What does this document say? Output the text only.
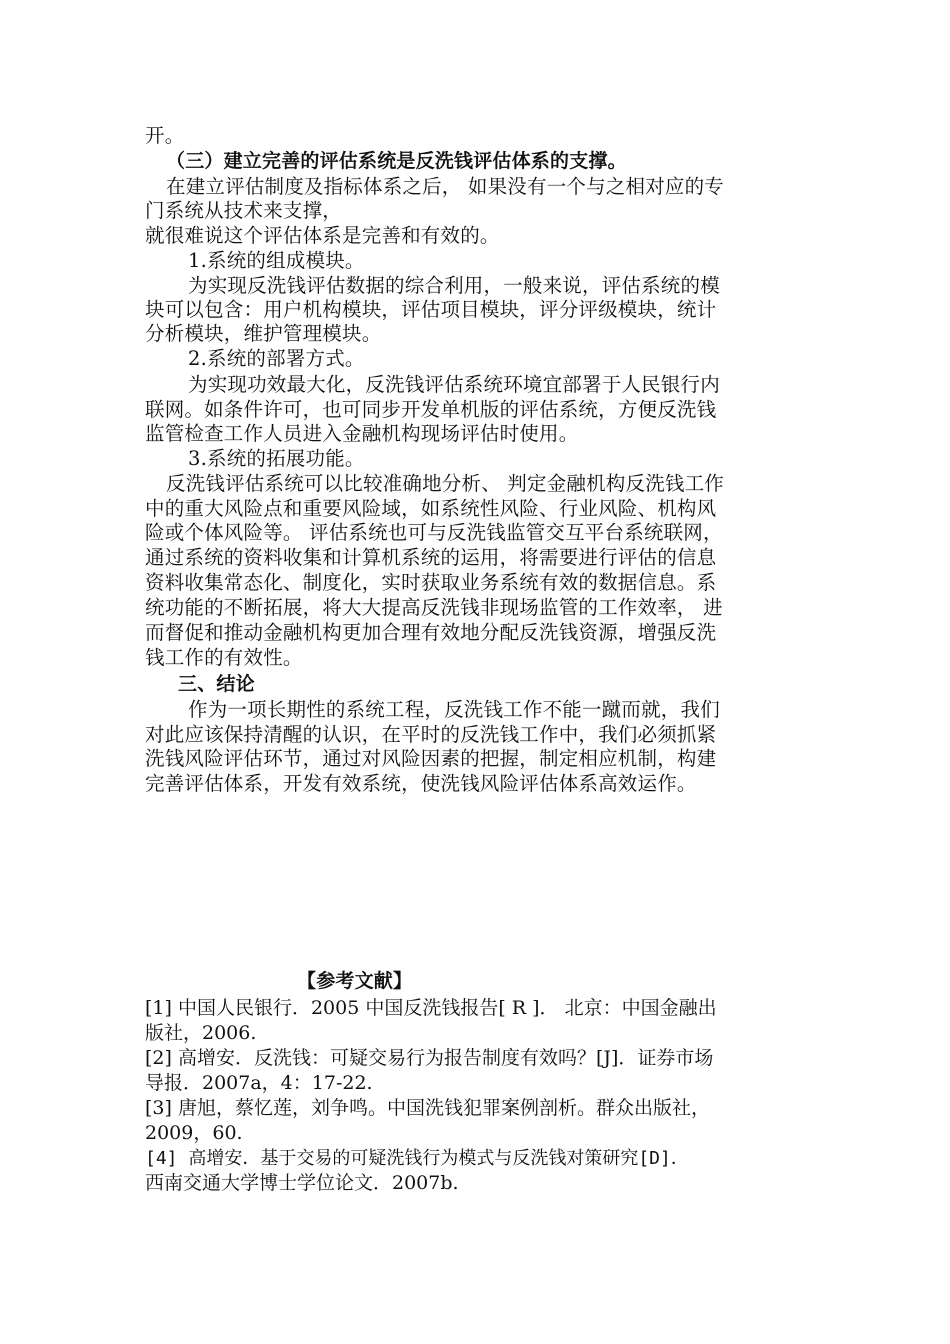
开。
（三）建立完善的评估系统是反洗钱评估体系的支撑。
在建立评估制度及指标体系之后， 如果没有一个与之相对应的专
门系统从技术来支撑，
就很难说这个评估体系是完善和有效的。
1.系统的组成模块。
为实现反洗钱评估数据的综合利用，一般来说，评估系统的模
块可以包含：用户机构模块，评估项目模块，评分评级模块，统计
分析模块，维护管理模块。
2.系统的部署方式。
为实现功效最大化，反洗钱评估系统环境宜部署于人民银行内
联网。如条件许可，也可同步开发单机版的评估系统，方便反洗钱
监管检查工作人员进入金融机构现场评估时使用。
3.系统的拓展功能。
反洗钱评估系统可以比较准确地分析、 判定金融机构反洗钱工作
中的重大风险点和重要风险域，如系统性风险、行业风险、机构风
险或个体风险等。 评估系统也可与反洗钱监管交互平台系统联网，
通过系统的资料收集和计算机系统的运用，将需要进行评估的信息
资料收集常态化、制度化，实时获取业务系统有效的数据信息。系
统功能的不断拓展，将大大提高反洗钱非现场监管的工作效率， 进
而督促和推动金融机构更加合理有效地分配反洗钱资源，增强反洗
钱工作的有效性。
三、结论
作为一项长期性的系统工程，反洗钱工作不能一蹴而就，我们
对此应该保持清醒的认识，在平时的反洗钱工作中，我们必须抓紧
洗钱风险评估环节，通过对风险因素的把握，制定相应机制，构建
完善评估体系，开发有效系统，使洗钱风险评估体系高效运作。
【参考文献】
[1] 中国人民银行．2005 中国反洗钱报告[ R ]． 北京：中国金融出
版社，2006.
[2] 高增安．反洗钱：可疑交易行为报告制度有效吗？[J]．证券市场
导报．2007a，4：17-22.
[3] 唐旭，蔡忆莲，刘争鸣。中国洗钱犯罪案例剖析。群众出版社，
2009，60.
[4] 高增安．基于交易的可疑洗钱行为模式与反洗钱对策研究[D]．
西南交通大学博士学位论文．2007b.
